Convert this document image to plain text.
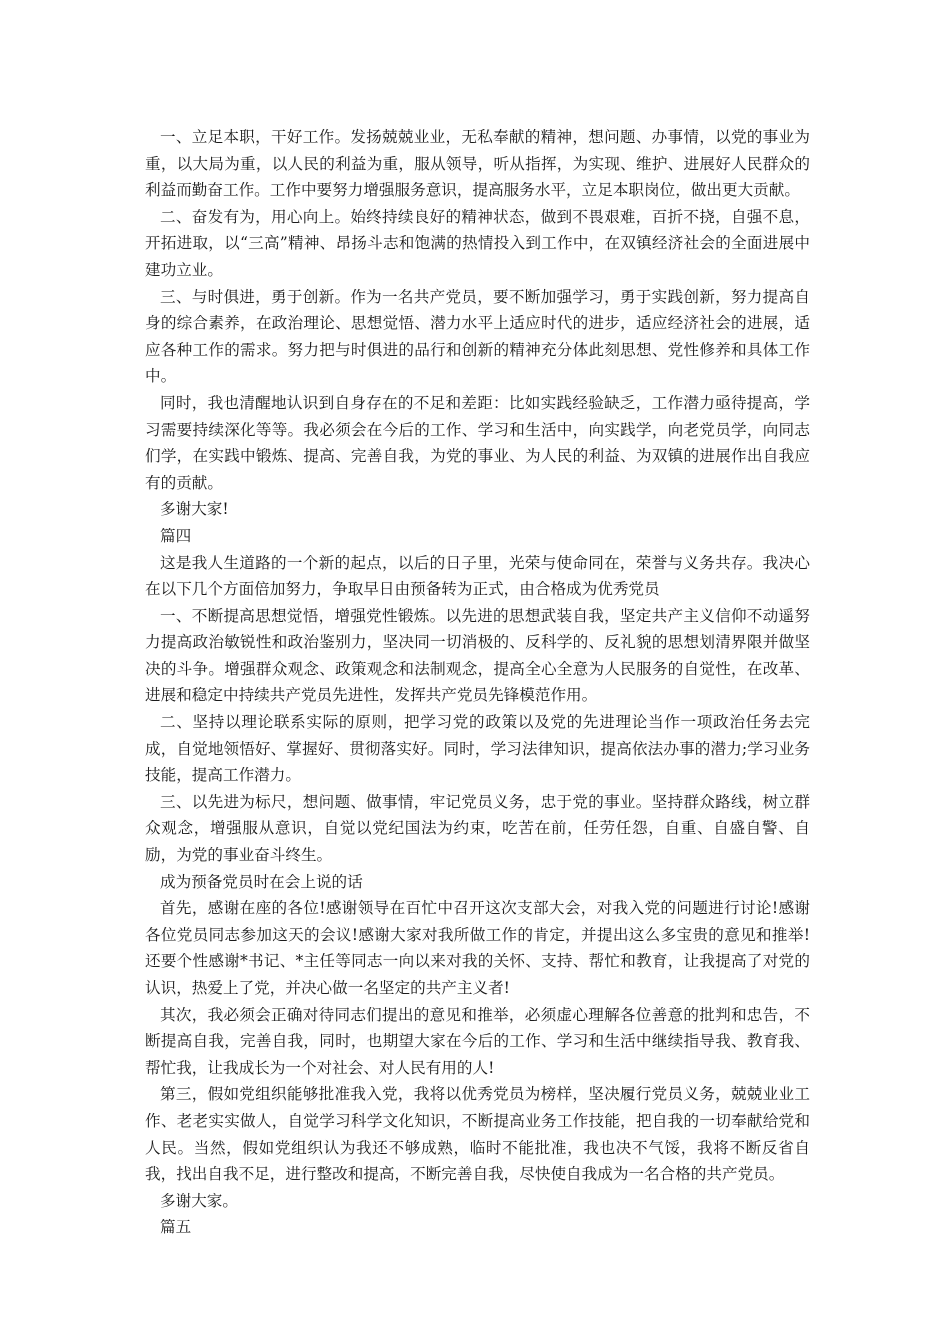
一、立足本职，干好工作。发扬兢兢业业，无私奉献的精神，想问题、办事情，以党的事业为重，以大局为重，以人民的利益为重，服从领导，听从指挥，为实现、维护、进展好人民群众的利益而勤奋工作。工作中要努力增强服务意识，提高服务水平，立足本职岗位，做出更大贡献。

二、奋发有为，用心向上。始终持续良好的精神状态，做到不畏艰难，百折不挠，自强不息，开拓进取，以“三高”精神、昂扬斗志和饱满的热情投入到工作中，在双镇经济社会的全面进展中建功立业。

三、与时俱进，勇于创新。作为一名共产党员，要不断加强学习，勇于实践创新，努力提高自身的综合素养，在政治理论、思想觉悟、潜力水平上适应时代的进步，适应经济社会的进展，适应各种工作的需求。努力把与时俱进的品行和创新的精神充分体此刻思想、党性修养和具体工作中。

同时，我也清醒地认识到自身存在的不足和差距：比如实践经验缺乏，工作潜力亟待提高，学习需要持续深化等等。我必须会在今后的工作、学习和生活中，向实践学，向老党员学，向同志们学，在实践中锻炼、提高、完善自我，为党的事业、为人民的利益、为双镇的进展作出自我应有的贡献。

多谢大家!

篇四

这是我人生道路的一个新的起点，以后的日子里，光荣与使命同在，荣誉与义务共存。我决心在以下几个方面倍加努力，争取早日由预备转为正式，由合格成为优秀党员

一、不断提高思想觉悟，增强党性锻炼。以先进的思想武装自我，坚定共产主义信仰不动遥努力提高政治敏锐性和政治鉴别力，坚决同一切消极的、反科学的、反礼貌的思想划清界限并做坚决的斗争。增强群众观念、政策观念和法制观念，提高全心全意为人民服务的自觉性，在改革、进展和稳定中持续共产党员先进性，发挥共产党员先锋模范作用。

二、坚持以理论联系实际的原则，把学习党的政策以及党的先进理论当作一项政治任务去完成，自觉地领悟好、掌握好、贯彻落实好。同时，学习法律知识，提高依法办事的潜力;学习业务技能，提高工作潜力。

三、以先进为标尺，想问题、做事情，牢记党员义务，忠于党的事业。坚持群众路线，树立群众观念，增强服从意识，自觉以党纪国法为约束，吃苦在前，任劳任怨，自重、自盛自警、自励，为党的事业奋斗终生。

成为预备党员时在会上说的话

首先，感谢在座的各位!感谢领导在百忙中召开这次支部大会，对我入党的问题进行讨论!感谢各位党员同志参加这天的会议!感谢大家对我所做工作的肯定，并提出这么多宝贵的意见和推举!还要个性感谢*书记、*主任等同志一向以来对我的关怀、支持、帮忙和教育，让我提高了对党的认识，热爱上了党，并决心做一名坚定的共产主义者!

其次，我必须会正确对待同志们提出的意见和推举，必须虚心理解各位善意的批判和忠告，不断提高自我，完善自我，同时，也期望大家在今后的工作、学习和生活中继续指导我、教育我、帮忙我，让我成长为一个对社会、对人民有用的人!

第三，假如党组织能够批准我入党，我将以优秀党员为榜样，坚决履行党员义务，兢兢业业工作、老老实实做人，自觉学习科学文化知识，不断提高业务工作技能，把自我的一切奉献给党和人民。当然，假如党组织认为我还不够成熟，临时不能批准，我也决不气馁，我将不断反省自我，找出自我不足，进行整改和提高，不断完善自我，尽快使自我成为一名合格的共产党员。

多谢大家。

篇五
